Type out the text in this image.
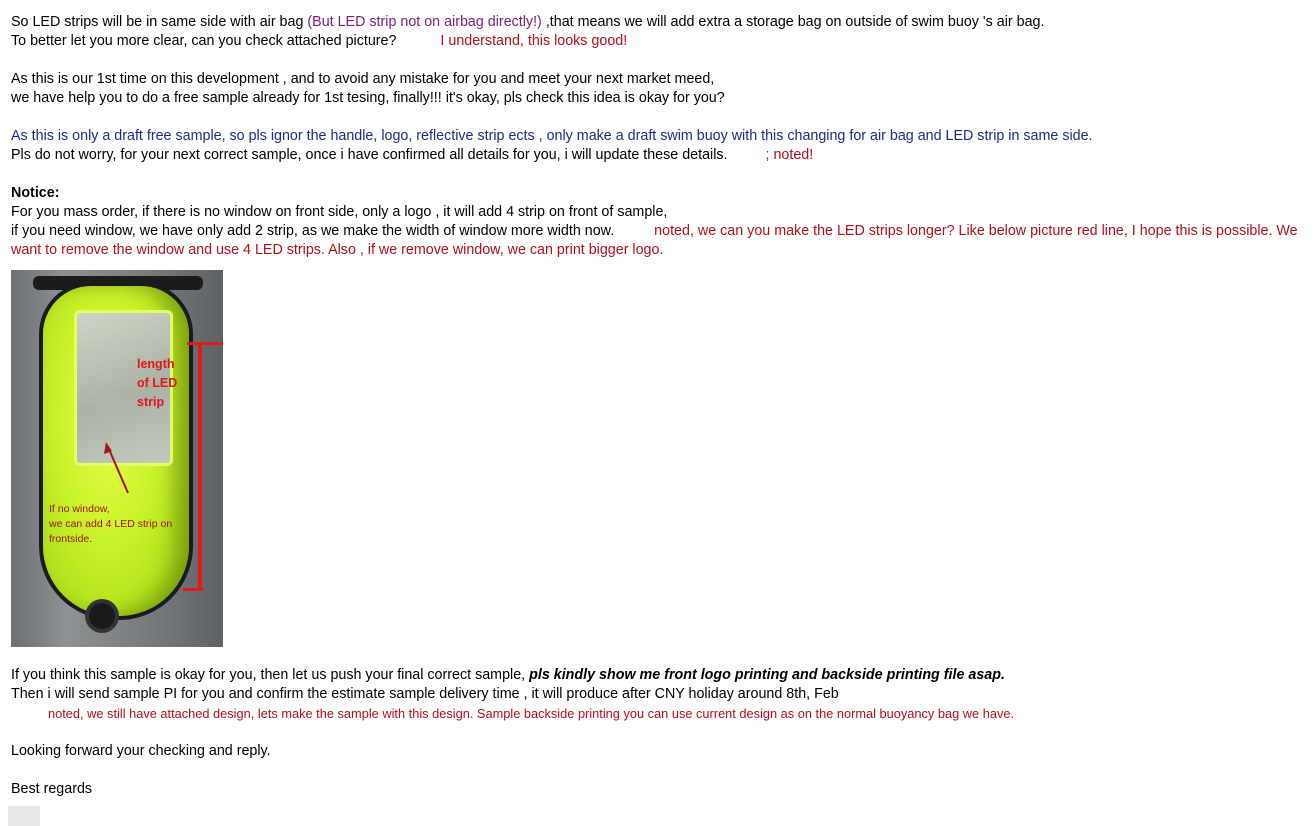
So LED strips will be in same side with air bag (But LED strip not on airbag directly!) ,that means we will add extra a storage bag on outside of swim buoy 's air bag.
To better let you more clear, can you check attached picture?	I understand, this looks good!
As this is our 1st time on this development , and to avoid any mistake for you and meet your next market meed,
we have help you to do a free sample already for 1st tesing, finally!!! it's okay, pls check this idea is okay for you?
As this is only a draft free sample, so pls ignor the handle, logo, reflective strip ects , only make a draft swim buoy with this changing for air bag and LED strip in same side.
Pls do not worry, for your next correct sample, once i have confirmed all details for you, i will update these details.	; noted!
Notice:
For you mass order, if there is no window on front side, only a logo , it will add 4 strip on front of sample,
if you need window, we have only add 2 strip, as we make the width of window more width now.	noted, we can you make the LED strips longer? Like below picture red line, I hope this is possible. We want to remove the window and use 4 LED strips. Also , if we remove window, we can print bigger logo.
length
of LED
strip
If no window,
we can add 4 LED strip on
frontside.
If you think this sample is okay for you, then let us push your final correct sample, pls kindly show me front logo printing and backside printing file asap.
Then i will send sample PI for you and confirm the estimate sample delivery time , it will produce after CNY holiday around 8th, Feb
noted, we still have attached design, lets make the sample with this design. Sample backside printing you can use current design as on the normal buoyancy bag we have.
Looking forward your checking and reply.
Best regards
